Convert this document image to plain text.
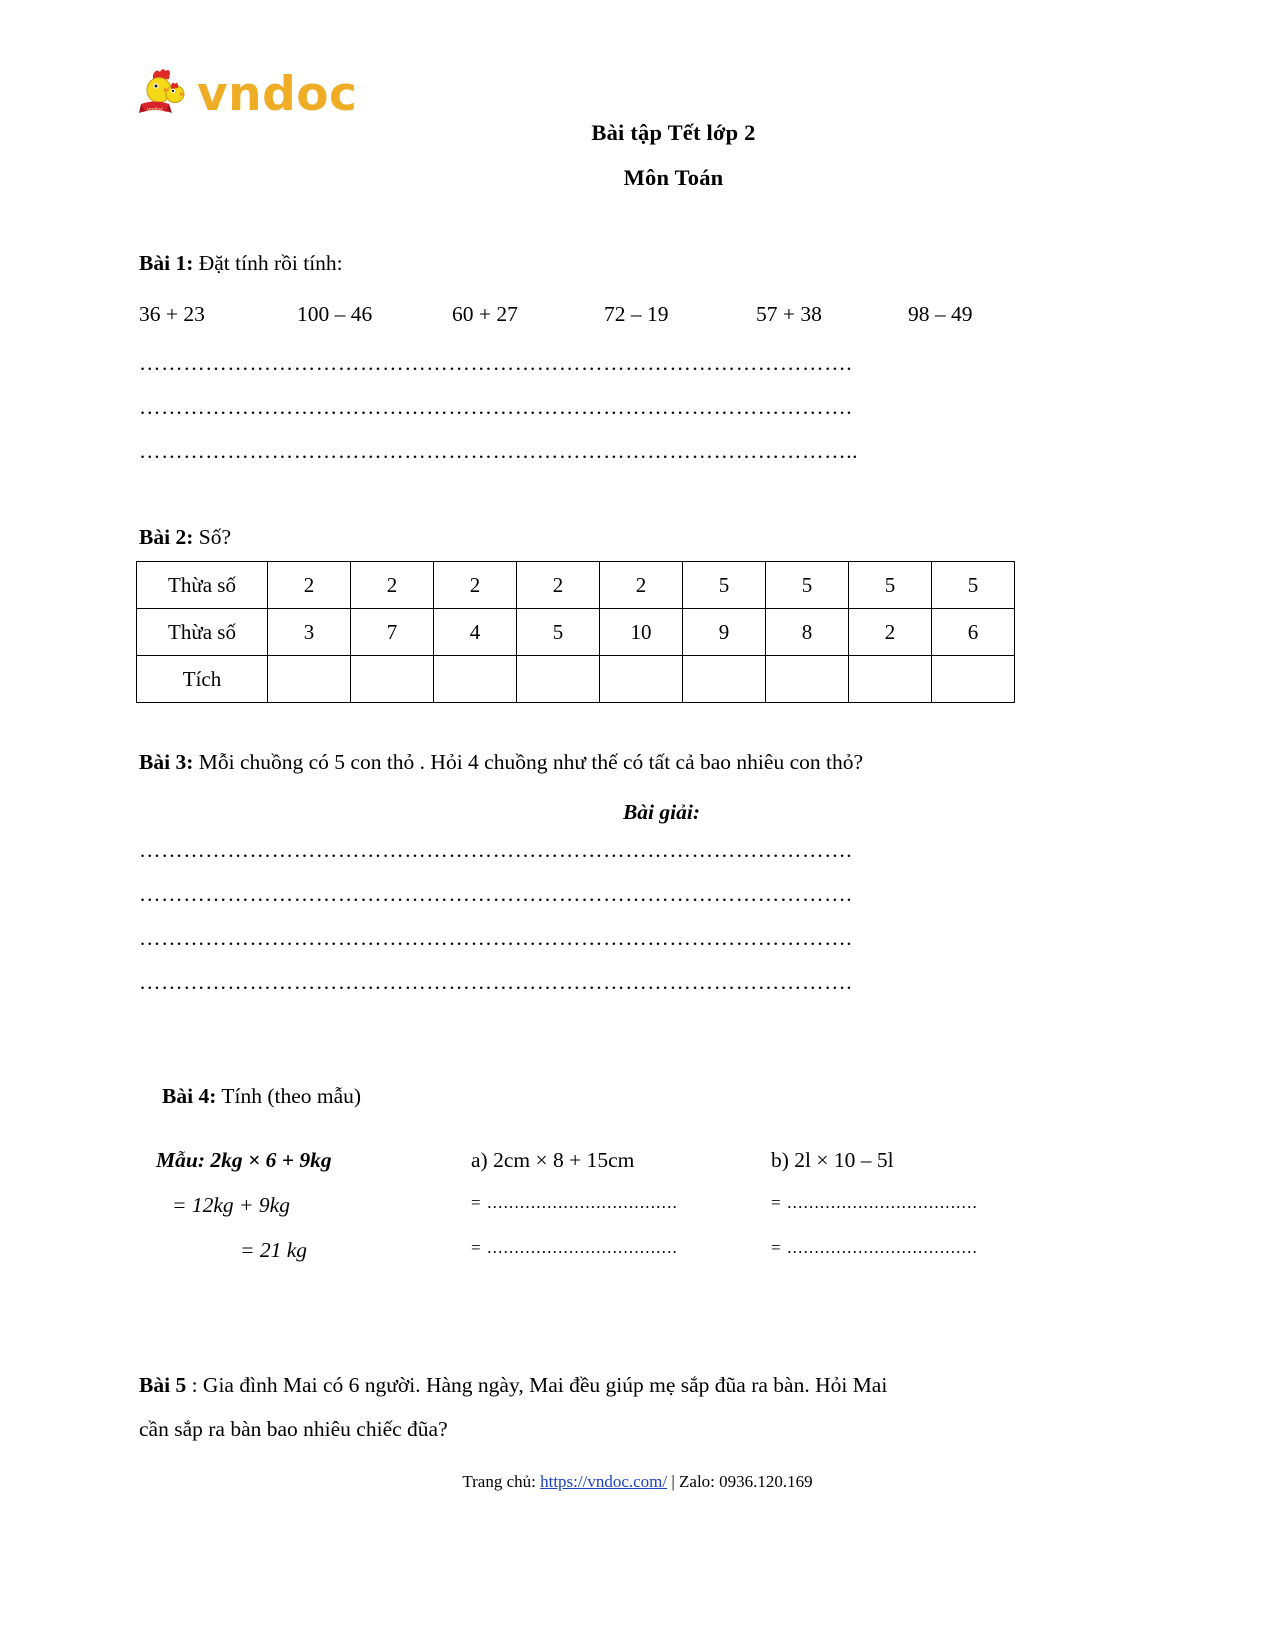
vndoc vndoc
Bài tập Tết lớp 2
Môn Toán
Bài 1: Đặt tính rồi tính:
36 + 23	100 – 46	60 + 27	72 – 19	57 + 38	98 – 49
…………………………………………………………………………………….
…………………………………………………………………………………….
……………………………………………………………………………………..
Bài 2: Số?
Thừa số	2	2	2	2	2	5	5	5	5
Thừa số	3	7	4	5	10	9	8	2	6
Tích									
Bài 3: Mỗi chuồng có 5 con thỏ . Hỏi 4 chuồng như thế có tất cả bao nhiêu con thỏ?
Bài giải:
…………………………………………………………………………………….
…………………………………………………………………………………….
…………………………………………………………………………………….
…………………………………………………………………………………….
Bài 4: Tính (theo mẫu)
Mẫu: 2kg × 6 + 9kg	a) 2cm × 8 + 15cm	b) 2l × 10 – 5l
= 12kg + 9kg	= ...................................	= ...................................
= 21 kg	= ...................................	= ...................................
Bài 5 : Gia đình Mai có 6 người. Hàng ngày, Mai đều giúp mẹ sắp đũa ra bàn. Hỏi Mai
cần sắp ra bàn bao nhiêu chiếc đũa?
Trang chủ: https://vndoc.com/ | Zalo: 0936.120.169
